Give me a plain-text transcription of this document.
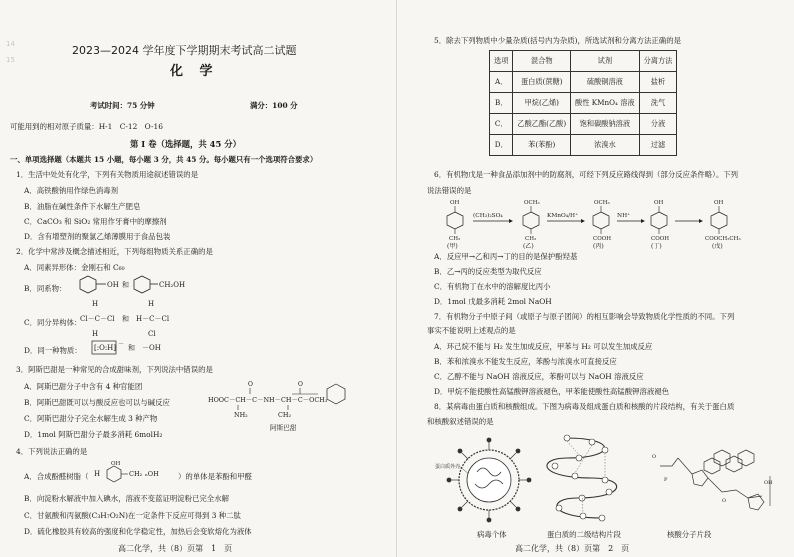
14
15
2023—2024 学年度下学期期末考试高二试题
化 学
考试时间：75 分钟	满分：100 分
可能用到的相对原子质量：H-1　C-12　O-16
第 Ⅰ 卷（选择题，共 45 分）
一、单项选择题（本题共 15 小题，每小题 3 分，共 45 分。每小题只有一个选项符合要求）
1．生活中处处有化学，下列有关物质用途叙述错误的是
A．高铁酸钠用作绿色消毒剂
B．油脂在碱性条件下水解生产肥皂
C．CaCO₃ 和 SiO₂ 常用作牙膏中的摩擦剂
D．含有增塑剂的聚氯乙烯薄膜用于食品包装
2．化学中常涉及概念描述相近，下列每组物质关系正确的是
A．同素异形体：金刚石和 C₆₀
B．同系物：	OH 和	CH₂OH
C．同分异构体：
H
Cl－C－Cl
H
和
H
H－C－Cl
Cl
D．同一种物质： [:O:H] － 和　－OH
3．阿斯巴甜是一种常见的合成甜味剂，下列说法中错误的是
A．阿斯巴甜分子中含有 4 种官能团
B．阿斯巴甜既可以与酸反应也可以与碱反应
C．阿斯巴甜分子完全水解生成 3 种产物
D．1mol 阿斯巴甜分子最多消耗 6molH₂
O	O
HOOC－CH－C－NH－CH－C－OCH₃
NH₂	CH₂
阿斯巴甜
4．下列说法正确的是
A．合成酚醛树脂（ H
OH
CH₂ ₙOH	）的单体是苯酚和甲醛
B．向淀粉水解液中加入碘水，溶液不变蓝证明淀粉已完全水解
C．甘氨酸和丙氨酸(C₃H₇O₂N)在一定条件下反应可得到 3 种二肽
D．硫化橡胶具有较高的强度和化学稳定性，加热后会变软熔化为液体
高二化学，共（8）页第　1　页
5．除去下列物质中少量杂质(括号内为杂质)，所选试剂和分离方法正确的是
选项	混合物	试剂	分离方法
A．	蛋白质(蔗糖)	硫酸铜溶液	盐析
B．	甲烷(乙烯)	酸性 KMnO₄ 溶液	洗气
C．	乙酸乙酯(乙酸)	饱和碳酸钠溶液	分液
D．	苯(苯酚)	浓溴水	过滤
6．有机物戊是一种食品添加剂中的防腐剂，可经下列反应路线得到（部分反应条件略）。下列
说法错误的是
OH
CH₃
(甲)
(CH₃)₂SO₄
OCH₃
CH₃
(乙)
KMnO₄/H⁺
OCH₃
COOH
(丙)
NH⁺
OH
COOH
(丁)
OH
COOCH₂CH₃
(戊)
A．反应甲→乙和丙→丁的目的是保护酚羟基
B．乙→丙的反应类型为取代反应
C．有机物丁在水中的溶解度比丙小
D．1mol 戊最多消耗 2mol NaOH
7．有机物分子中原子间（或原子与原子团间）的相互影响会导致物质化学性质的不同。下列
事实不能说明上述观点的是
A．环己烷不能与 H₂ 发生加成反应，甲苯与 H₂ 可以发生加成反应
B．苯和浓溴水不能发生反应，苯酚与浓溴水可直接反应
C．乙醇不能与 NaOH 溶液反应，苯酚可以与 NaOH 溶液反应
D．甲烷不能使酸性高锰酸钾溶液褪色，甲苯能使酸性高锰酸钾溶液褪色
8．某病毒由蛋白质和核酸组成。下图为病毒及组成蛋白质和核酸的片段结构，有关于蛋白质
和核酸叙述错误的是
蛋白质外壳
病毒个体	蛋白质的二级结构片段
O
P
O
OH
核酸分子片段
高二化学，共（8）页第　2　页
